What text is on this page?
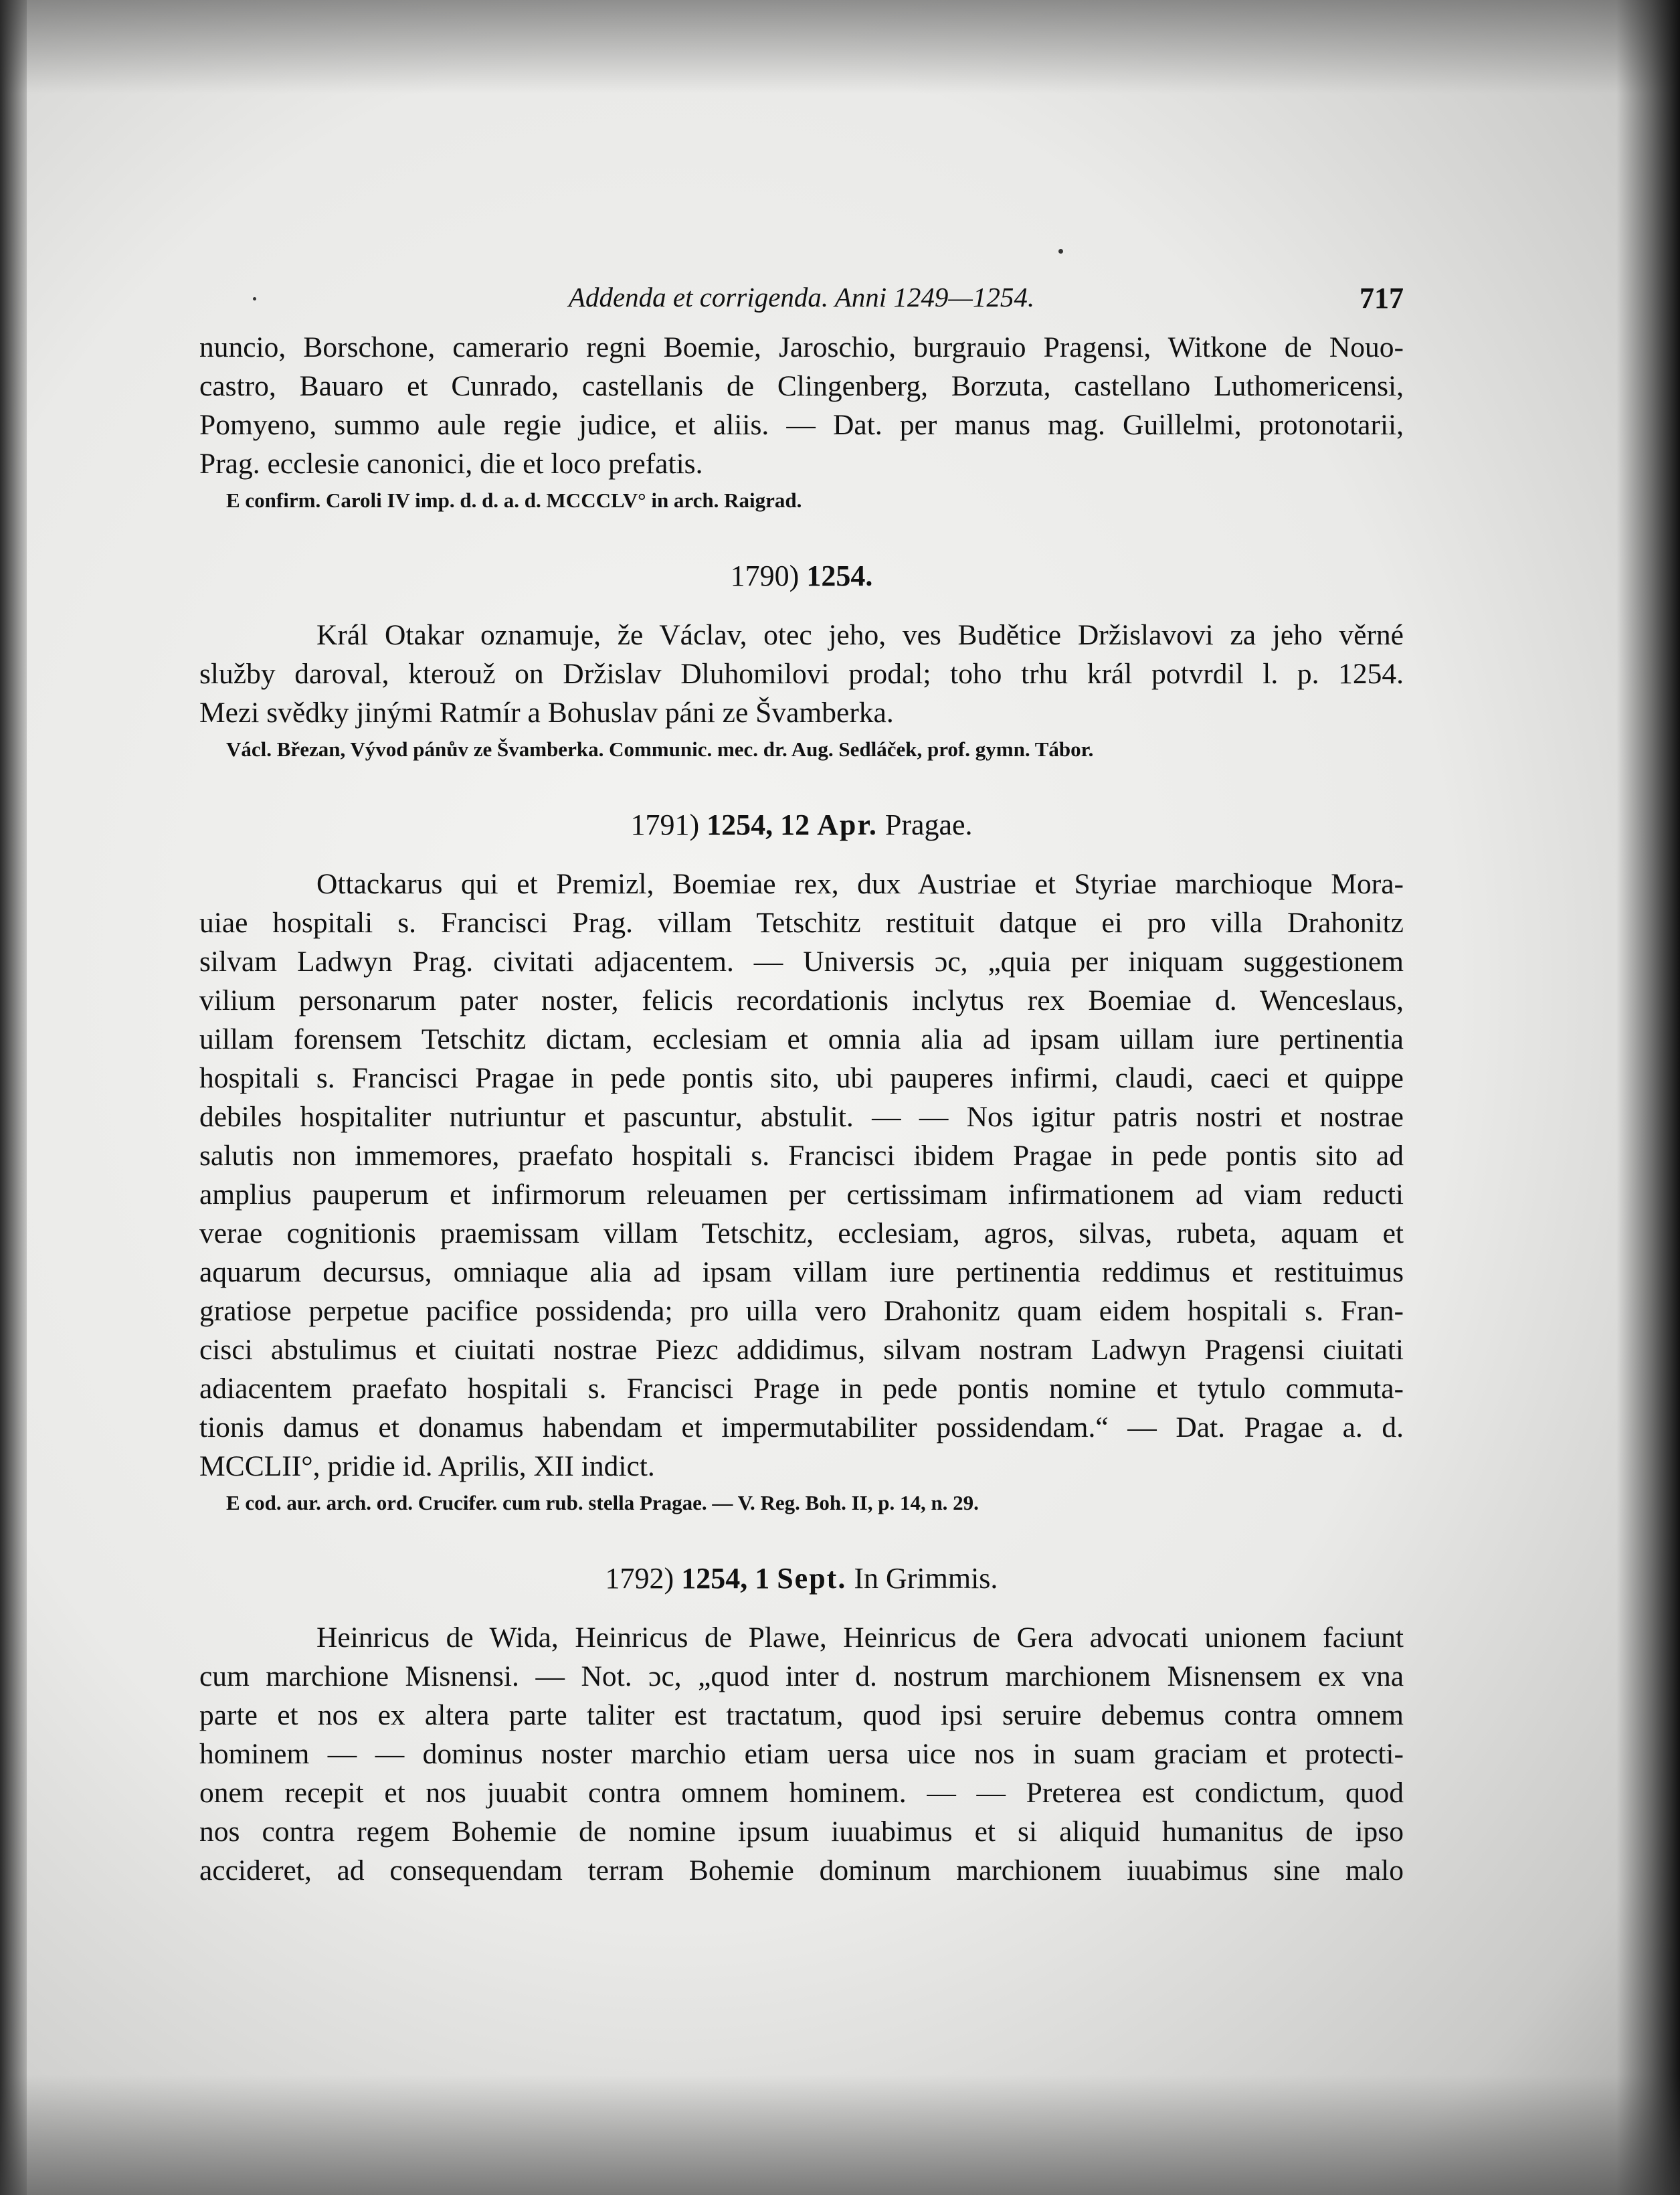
Addenda et corrigenda. Anni 1249—1254.	717

nuncio, Borschone, camerario regni Boemie, Jaroschio, burgrauio Pragensi, Witkone de Nouo-
castro, Bauaro et Cunrado, castellanis de Clingenberg, Borzuta, castellano Luthomericensi,
Pomyeno, summo aule regie judice, et aliis. — Dat. per manus mag. Guillelmi, protonotarii,
Prag. ecclesie canonici, die et loco prefatis.

E confirm. Caroli IV imp. d. d. a. d. MCCCLV° in arch. Raigrad.
1790) 1254.

Král Otakar oznamuje, že Václav, otec jeho, ves Budětice Držislavovi za jeho věrné
služby daroval, kterouž on Držislav Dluhomilovi prodal; toho trhu král potvrdil l. p. 1254.
Mezi svědky jinými Ratmír a Bohuslav páni ze Švamberka.

Václ. Březan, Vývod pánův ze Švamberka. Communic. mec. dr. Aug. Sedláček, prof. gymn. Tábor.
1791) 1254, 12 Apr. Pragae.

Ottackarus qui et Premizl, Boemiae rex, dux Austriae et Styriae marchioque Mora-
uiae hospitali s. Francisci Prag. villam Tetschitz restituit datque ei pro villa Drahonitz
silvam Ladwyn Prag. civitati adjacentem. — Universis ɔc, „quia per iniquam suggestionem
vilium personarum pater noster, felicis recordationis inclytus rex Boemiae d. Wenceslaus,
uillam forensem Tetschitz dictam, ecclesiam et omnia alia ad ipsam uillam iure pertinentia
hospitali s. Francisci Pragae in pede pontis sito, ubi pauperes infirmi, claudi, caeci et quippe
debiles hospitaliter nutriuntur et pascuntur, abstulit. — — Nos igitur patris nostri et nostrae
salutis non immemores, praefato hospitali s. Francisci ibidem Pragae in pede pontis sito ad
amplius pauperum et infirmorum releuamen per certissimam infirmationem ad viam reducti
verae cognitionis praemissam villam Tetschitz, ecclesiam, agros, silvas, rubeta, aquam et
aquarum decursus, omniaque alia ad ipsam villam iure pertinentia reddimus et restituimus
gratiose perpetue pacifice possidenda; pro uilla vero Drahonitz quam eidem hospitali s. Fran-
cisci abstulimus et ciuitati nostrae Piezc addidimus, silvam nostram Ladwyn Pragensi ciuitati
adiacentem praefato hospitali s. Francisci Prage in pede pontis nomine et tytulo commuta-
tionis damus et donamus habendam et impermutabiliter possidendam.“ — Dat. Pragae a. d.
MCCLII°, pridie id. Aprilis, XII indict.

E cod. aur. arch. ord. Crucifer. cum rub. stella Pragae. — V. Reg. Boh. II, p. 14, n. 29.
1792) 1254, 1 Sept. In Grimmis.

Heinricus de Wida, Heinricus de Plawe, Heinricus de Gera advocati unionem faciunt
cum marchione Misnensi. — Not. ɔc, „quod inter d. nostrum marchionem Misnensem ex vna
parte et nos ex altera parte taliter est tractatum, quod ipsi seruire debemus contra omnem
hominem — — dominus noster marchio etiam uersa uice nos in suam graciam et protecti-
onem recepit et nos juuabit contra omnem hominem. — — Preterea est condictum, quod
nos contra regem Bohemie de nomine ipsum iuuabimus et si aliquid humanitus de ipso
accideret, ad consequendam terram Bohemie dominum marchionem iuuabimus sine malo
